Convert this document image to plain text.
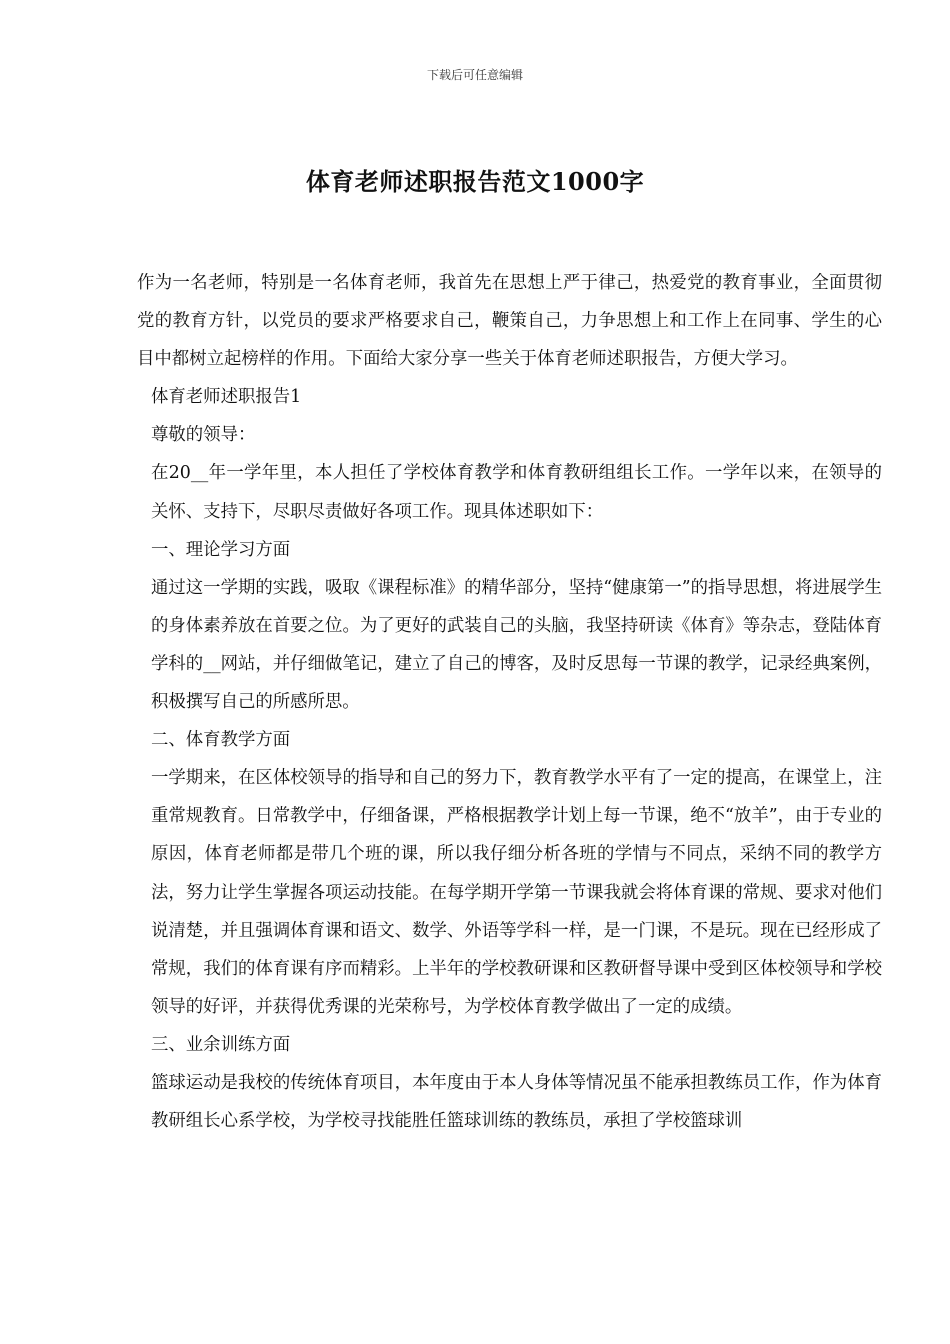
下载后可任意编辑
体育老师述职报告范文1000字

作为一名老师，特别是一名体育老师，我首先在思想上严于律己，热爱党的教育事业，全面贯彻党的教育方针，以党员的要求严格要求自己，鞭策自己，力争思想上和工作上在同事、学生的心目中都树立起榜样的作用。下面给大家分享一些关于体育老师述职报告，方便大学习。

体育老师述职报告1

尊敬的领导：

在20__年一学年里，本人担任了学校体育教学和体育教研组组长工作。一学年以来，在领导的关怀、支持下，尽职尽责做好各项工作。现具体述职如下：

一、理论学习方面

通过这一学期的实践，吸取《课程标准》的精华部分，坚持“健康第一”的指导思想，将进展学生的身体素养放在首要之位。为了更好的武装自己的头脑，我坚持研读《体育》等杂志，登陆体育学科的__网站，并仔细做笔记，建立了自己的博客，及时反思每一节课的教学，记录经典案例，积极撰写自己的所感所思。

二、体育教学方面

一学期来，在区体校领导的指导和自己的努力下，教育教学水平有了一定的提高，在课堂上，注重常规教育。日常教学中，仔细备课，严格根据教学计划上每一节课，绝不“放羊”，由于专业的原因，体育老师都是带几个班的课，所以我仔细分析各班的学情与不同点，采纳不同的教学方法，努力让学生掌握各项运动技能。在每学期开学第一节课我就会将体育课的常规、要求对他们说清楚，并且强调体育课和语文、数学、外语等学科一样，是一门课，不是玩。现在已经形成了常规，我们的体育课有序而精彩。上半年的学校教研课和区教研督导课中受到区体校领导和学校领导的好评，并获得优秀课的光荣称号，为学校体育教学做出了一定的成绩。

三、业余训练方面

篮球运动是我校的传统体育项目，本年度由于本人身体等情况虽不能承担教练员工作，作为体育教研组长心系学校，为学校寻找能胜任篮球训练的教练员，承担了学校篮球训
